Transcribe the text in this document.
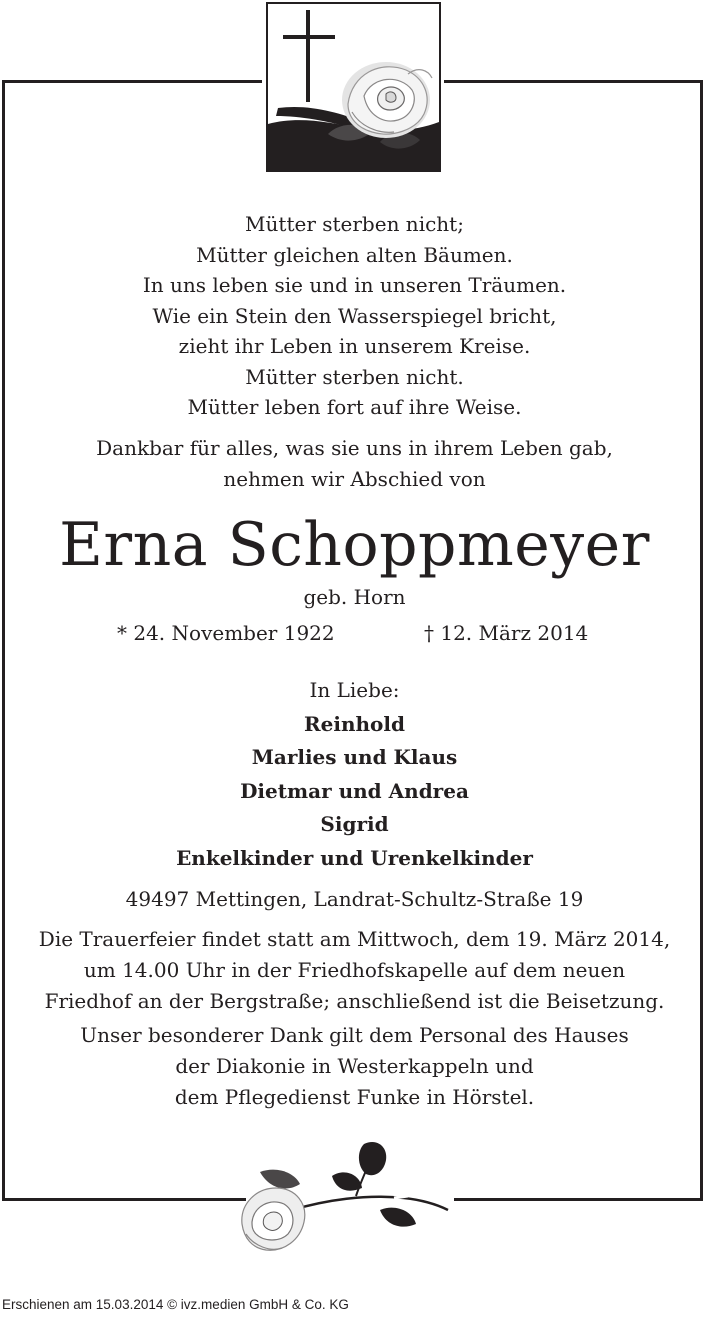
Mütter sterben nicht;
Mütter gleichen alten Bäumen.
In uns leben sie und in unseren Träumen.
Wie ein Stein den Wasserspiegel bricht,
zieht ihr Leben in unserem Kreise.
Mütter sterben nicht.
Mütter leben fort auf ihre Weise.
Dankbar für alles, was sie uns in ihrem Leben gab,
nehmen wir Abschied von
Erna Schoppmeyer
geb. Horn
* 24. November 1922	† 12. März 2014
In Liebe:
Reinhold
Marlies und Klaus
Dietmar und Andrea
Sigrid
Enkelkinder und Urenkelkinder
49497 Mettingen, Landrat-Schultz-Straße 19
Die Trauerfeier findet statt am Mittwoch, dem 19. März 2014,
um 14.00 Uhr in der Friedhofskapelle auf dem neuen
Friedhof an der Bergstraße; anschließend ist die Beisetzung.
Unser besonderer Dank gilt dem Personal des Hauses
der Diakonie in Westerkappeln und
dem Pflegedienst Funke in Hörstel.
Erschienen am 15.03.2014 © ivz.medien GmbH & Co. KG
